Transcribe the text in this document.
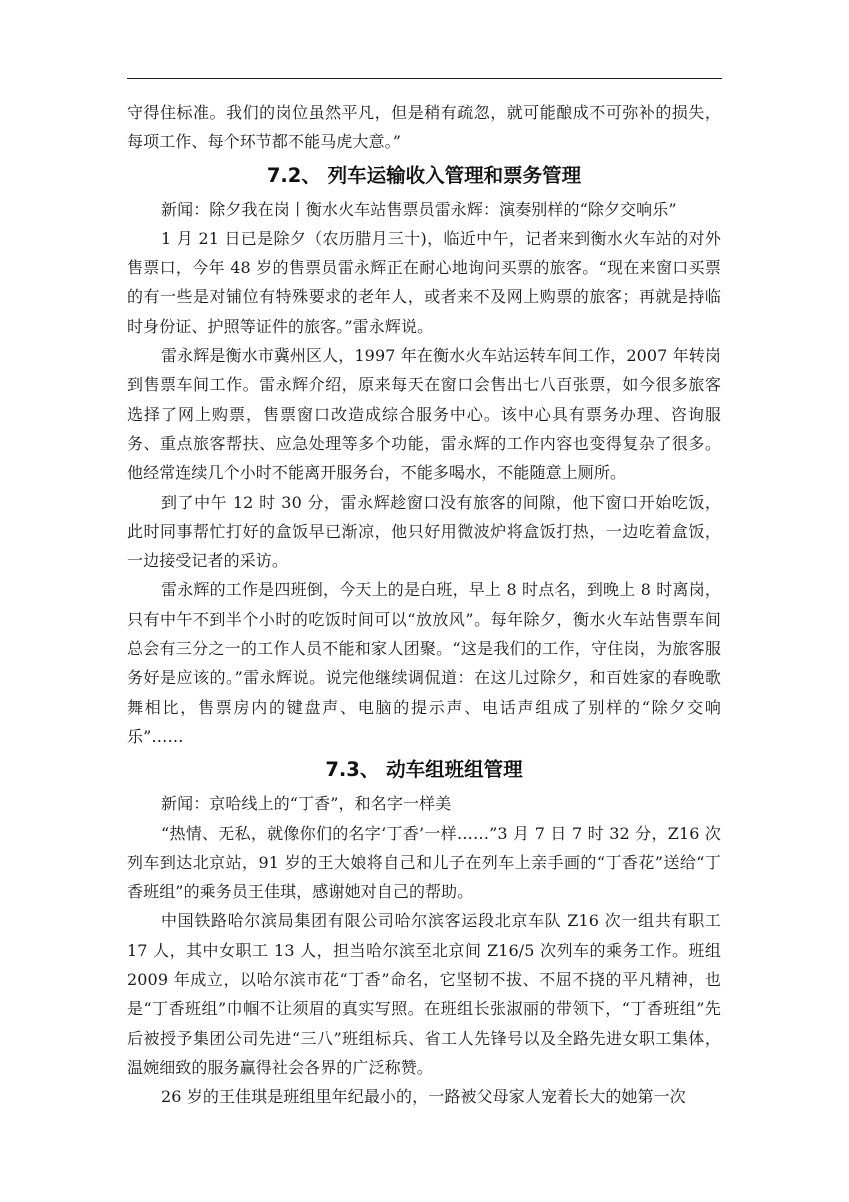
守得住标准。我们的岗位虽然平凡，但是稍有疏忽，就可能酿成不可弥补的损失，每项工作、每个环节都不能马虎大意。”

7.2、 列车运输收入管理和票务管理

新闻：除夕我在岗丨衡水火车站售票员雷永辉：演奏别样的“除夕交响乐”

1 月 21 日已是除夕（农历腊月三十)，临近中午，记者来到衡水火车站的对外售票口，今年 48 岁的售票员雷永辉正在耐心地询问买票的旅客。“现在来窗口买票的有一些是对铺位有特殊要求的老年人，或者来不及网上购票的旅客；再就是持临时身份证、护照等证件的旅客。”雷永辉说。

雷永辉是衡水市冀州区人，1997 年在衡水火车站运转车间工作，2007 年转岗到售票车间工作。雷永辉介绍，原来每天在窗口会售出七八百张票，如今很多旅客选择了网上购票，售票窗口改造成综合服务中心。该中心具有票务办理、咨询服务、重点旅客帮扶、应急处理等多个功能，雷永辉的工作内容也变得复杂了很多。他经常连续几个小时不能离开服务台，不能多喝水，不能随意上厕所。

到了中午 12 时 30 分，雷永辉趁窗口没有旅客的间隙，他下窗口开始吃饭，此时同事帮忙打好的盒饭早已渐凉，他只好用微波炉将盒饭打热，一边吃着盒饭，一边接受记者的采访。

雷永辉的工作是四班倒，今天上的是白班，早上 8 时点名，到晚上 8 时离岗，只有中午不到半个小时的吃饭时间可以“放放风”。每年除夕，衡水火车站售票车间总会有三分之一的工作人员不能和家人团聚。“这是我们的工作，守住岗，为旅客服务好是应该的。”雷永辉说。说完他继续调侃道：在这儿过除夕，和百姓家的春晚歌舞相比，售票房内的键盘声、电脑的提示声、电话声组成了别样的“除夕交响乐”……

7.3、 动车组班组管理

新闻：京哈线上的“丁香”，和名字一样美

“热情、无私，就像你们的名字‘丁香’一样……”3 月 7 日 7 时 32 分，Z16 次列车到达北京站，91 岁的王大娘将自己和儿子在列车上亲手画的“丁香花”送给“丁香班组”的乘务员王佳琪，感谢她对自己的帮助。

中国铁路哈尔滨局集团有限公司哈尔滨客运段北京车队 Z16 次一组共有职工 17 人，其中女职工 13 人，担当哈尔滨至北京间 Z16/5 次列车的乘务工作。班组 2009 年成立，以哈尔滨市花“丁香”命名，它坚韧不拔、不屈不挠的平凡精神，也是“丁香班组”巾帼不让须眉的真实写照。在班组长张淑丽的带领下，“丁香班组”先后被授予集团公司先进“三八”班组标兵、省工人先锋号以及全路先进女职工集体，温婉细致的服务赢得社会各界的广泛称赞。

26 岁的王佳琪是班组里年纪最小的，一路被父母家人宠着长大的她第一次
